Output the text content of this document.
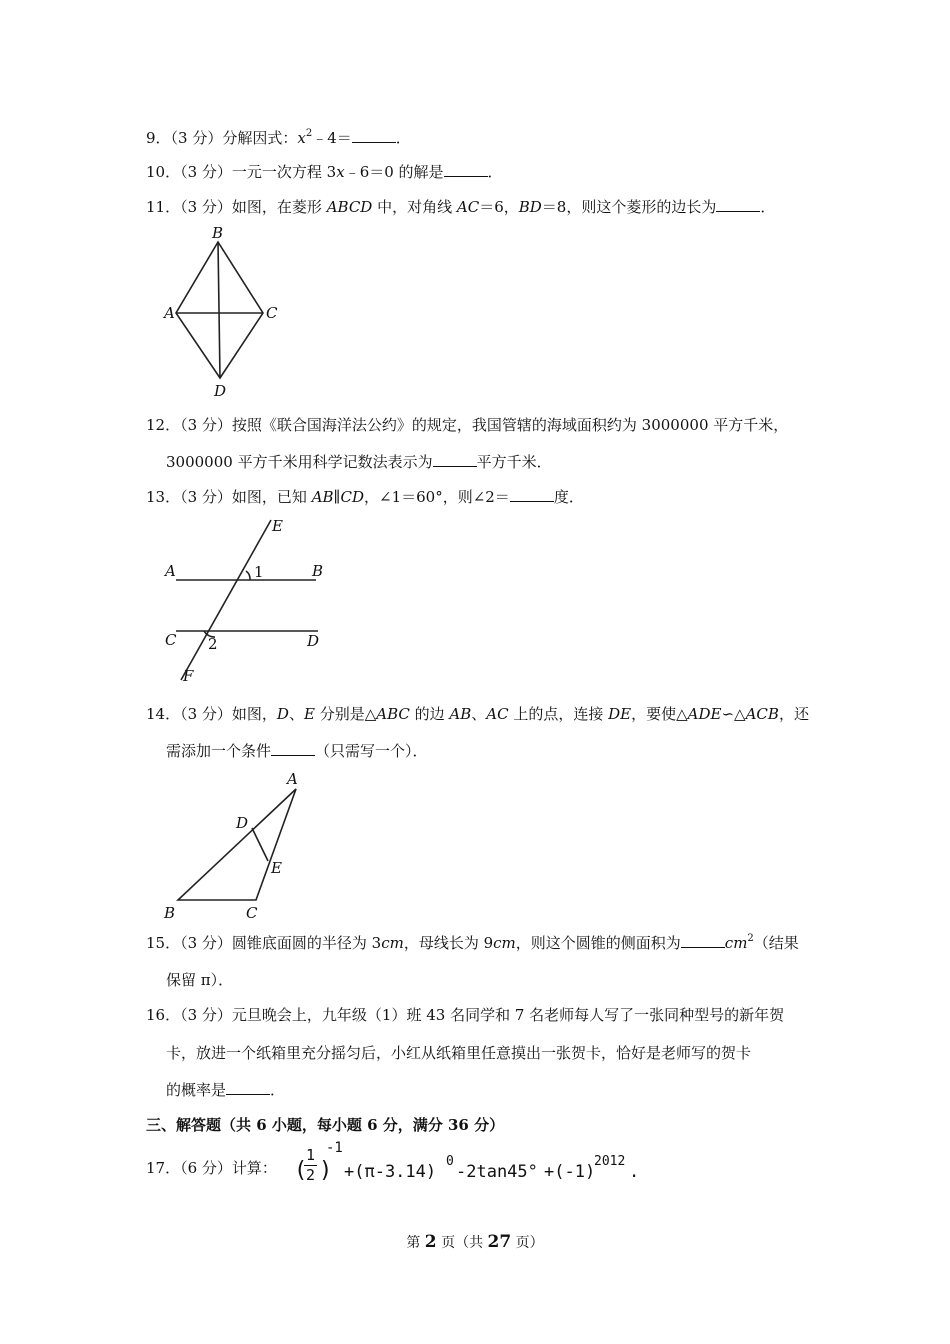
9．（3 分）分解因式：$x^2﹣4=$	．
10．（3 分）一元一次方程 3x﹣6＝0 的解是	．
11．（3 分）如图，在菱形 ABCD 中，对角线 AC＝6，BD＝8，则这个菱形的边长为	．
B
A	C
D
E
A	1	B
C 2	D
F
A
D
E
B	C
12．（3 分）按照《联合国海洋法公约》的规定，我国管辖的海域面积约为 3000000 平方千米，
3000000 平方千米用科学记数法表示为	平方千米．
13．（3 分）如图，已知 AB∥CD，∠1＝60°，则∠2＝	度．
14．（3 分）如图，D、E 分别是△ABC 的边 AB、AC 上的点，连接 DE，要使△ADE∽△ACB，还
需添加一个条件	（只需写一个）．
15．（3 分）圆锥底面圆的半径为 3cm，母线长为 9cm，则这个圆锥的侧面积为	$cm^2$（结果
保留 π）．
16．（3 分）元旦晚会上，九年级（1）班 43 名同学和 7 名老师每人写了一张同种型号的新年贺
卡，放进一个纸箱里充分摇匀后，小红从纸箱里任意摸出一张贺卡，恰好是老师写的贺卡
的概率是	．
三、解答题（共 6 小题，每小题 6 分，满分 36 分）
17．（6 分）计算： (
1
2 )
-1
+(π-3.14)
0
-2tan45° +(-1)
2012
.
第 2 页（共 27 页）
